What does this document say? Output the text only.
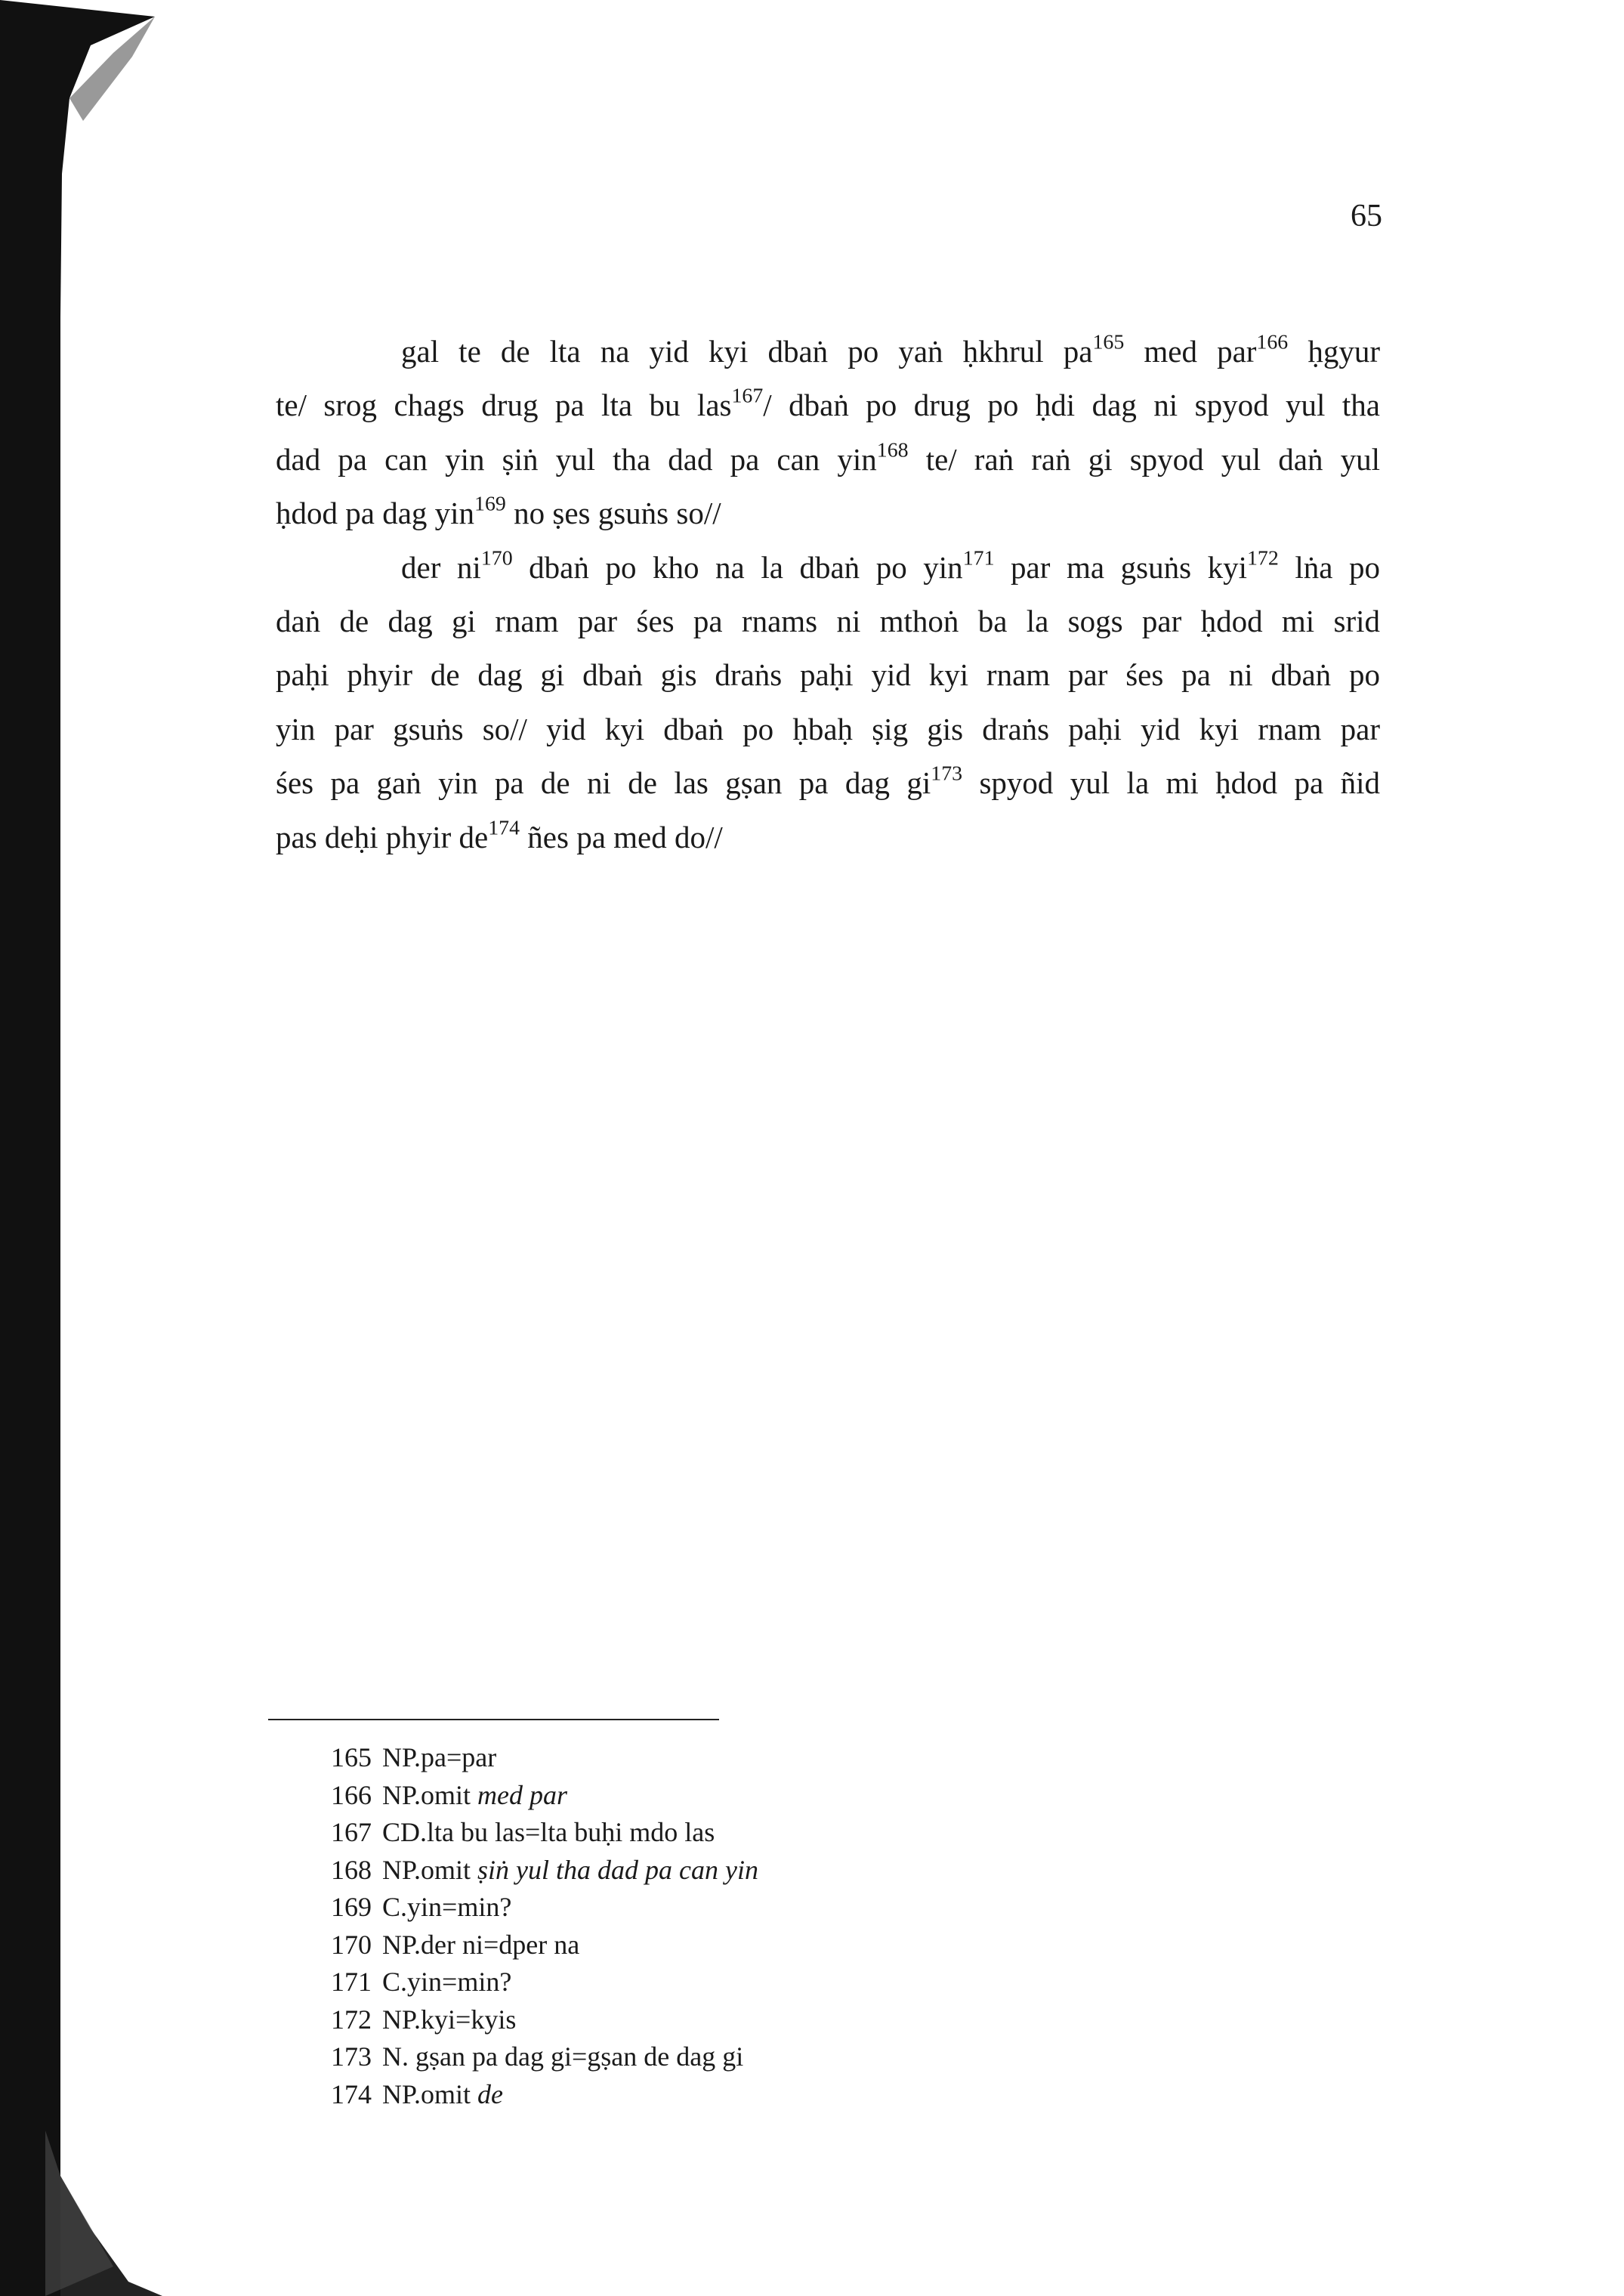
65
gal te de lta na yid kyi dbaṅ po yaṅ ḥkhrul $pa^{165}$ med par$^{166}$ ḥgyur
te/ srog chags drug pa lta bu las$^{167}$/ dbaṅ po drug po ḥdi dag ni spyod yul tha
dad pa can yin ṣiṅ yul tha dad pa can yin$^{168}$ te/ raṅ raṅ gi spyod yul daṅ yul
ḥdod pa dag yin$^{169}$ no ṣes gsuṅs so//
der $ni^{170}$ dbaṅ po kho na la dbaṅ po yin$^{171}$ par ma gsuṅs kyi$^{172}$ lṅa po
daṅ de dag gi rnam par śes pa rnams ni mthoṅ ba la sogs par ḥdod mi srid
paḥi phyir de dag gi dbaṅ gis draṅs paḥi yid kyi rnam par śes pa ni dbaṅ po
yin par gsuṅs so// yid kyi dbaṅ po ḥbaḥ ṣig gis draṅs paḥi yid kyi rnam par
śes pa gaṅ yin pa de ni de las gṣan pa dag $gi^{173}$ spyod yul la mi ḥdod pa ñid
pas deḥi phyir $de^{174}$ ñes pa med do//
165 NP.pa=par
166 NP.omit med par
167 CD.lta bu las=lta buḥi mdo las
168 NP.omit ṣiṅ yul tha dad pa can yin
169 C.yin=min?
170 NP.der ni=dper na
171 C.yin=min?
172 NP.kyi=kyis
173 N. gṣan pa dag gi=gṣan de dag gi
174 NP.omit de
